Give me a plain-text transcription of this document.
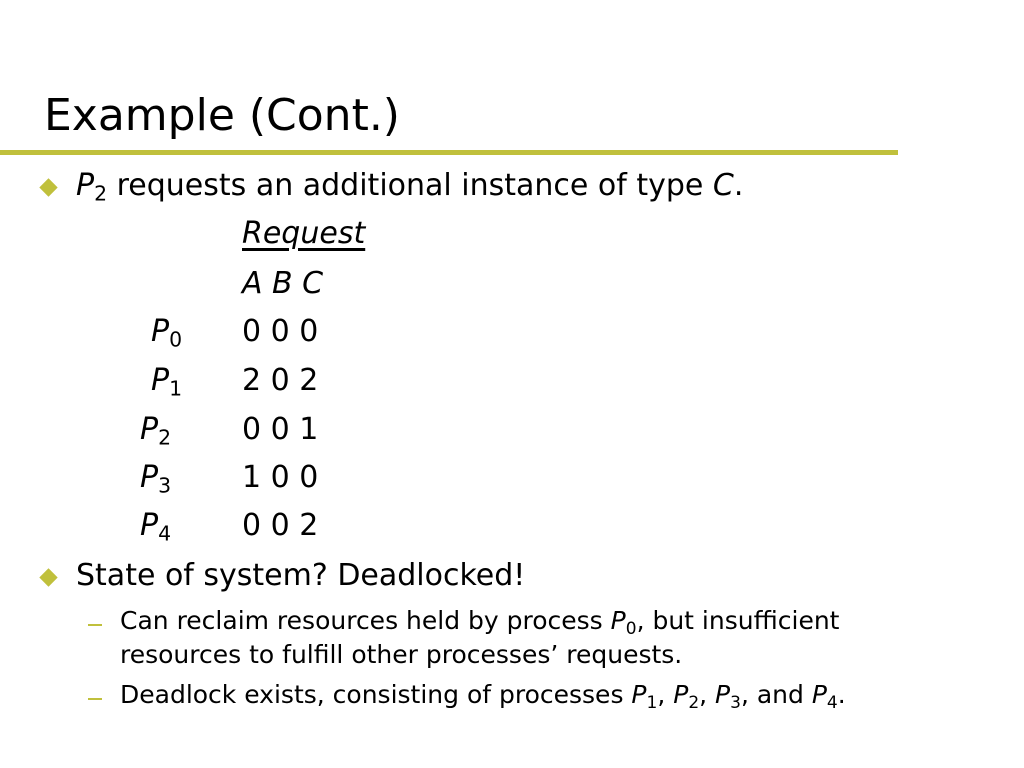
Example (Cont.)
$P_2$ requests an additional instance of type C.
Request
A B C
$P_0$ 0 0 0
$P_1$ 2 0 2
$P_2$ 0 0 1
$P_3$ 1 0 0
$P_4$ 0 0 2
State of system? Deadlocked!
Can reclaim resources held by process $P_0$, but insufficient
resources to fulfill other processes’ requests.
Deadlock exists, consisting of processes $P_1$, $P_2$, $P_3$, and $P_4$.
